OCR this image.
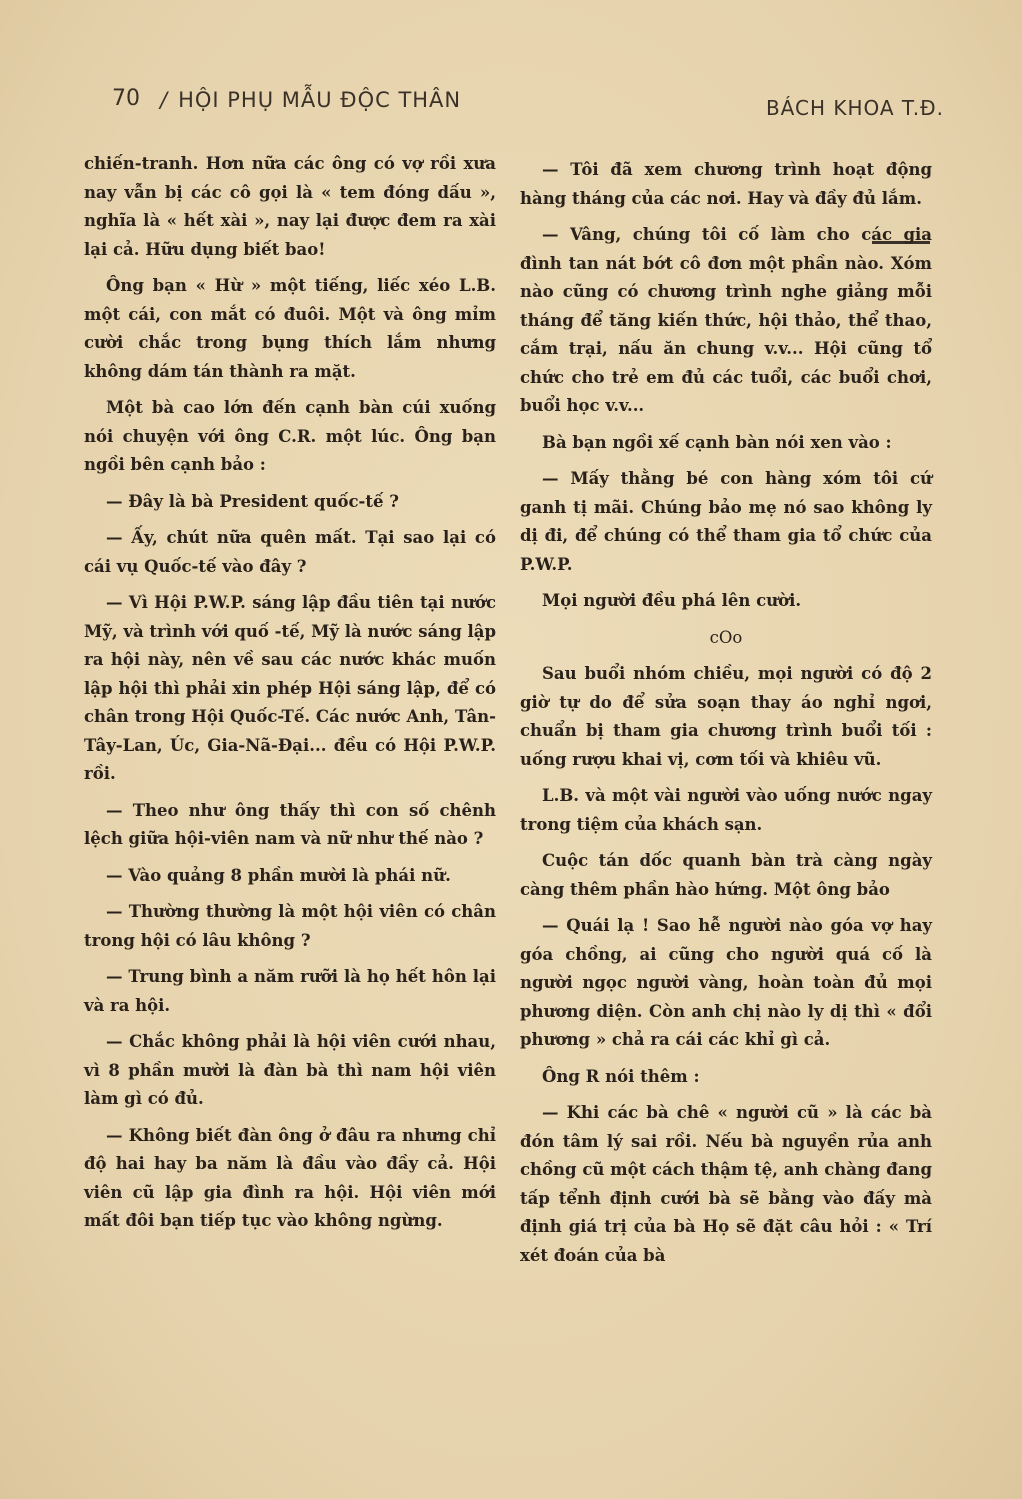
70 / HỘI PHỤ MẪU ĐỘC THÂN	BÁCH KHOA T.Đ.

chiến-tranh. Hơn nữa các ông có vợ rồi xưa nay vẫn bị các cô gọi là « tem đóng dấu », nghĩa là « hết xài », nay lại được đem ra xài lại cả. Hữu dụng biết bao!

Ông bạn « Hừ » một tiếng, liếc xéo L.B. một cái, con mắt có đuôi. Một và ông mỉm cười chắc trong bụng thích lắm nhưng không dám tán thành ra mặt.

Một bà cao lớn đến cạnh bàn cúi xuống nói chuyện với ông C.R. một lúc. Ông bạn ngồi bên cạnh bảo :

— Đây là bà President quốc-tế ?

— Ấy, chút nữa quên mất. Tại sao lại có cái vụ Quốc-tế vào đây ?

— Vì Hội P.W.P. sáng lập đầu tiên tại nước Mỹ, và trình với quố -tế, Mỹ là nước sáng lập ra hội này, nên về sau các nước khác muốn lập hội thì phải xin phép Hội sáng lập, để có chân trong Hội Quốc-Tế. Các nước Anh, Tân-Tây-Lan, Úc, Gia-Nã-Đại... đều có Hội P.W.P. rồi.

— Theo như ông thấy thì con số chênh lệch giữa hội-viên nam và nữ như thế nào ?

— Vào quảng 8 phần mười là phái nữ.

— Thường thường là một hội viên có chân trong hội có lâu không ?

— Trung bình a năm rưỡi là họ hết hôn lại và ra hội.

— Chắc không phải là hội viên cưới nhau, vì 8 phần mười là đàn bà thì nam hội viên làm gì có đủ.

— Không biết đàn ông ở đâu ra nhưng chỉ độ hai hay ba năm là đầu vào đầy cả. Hội viên cũ lập gia đình ra hội. Hội viên mới mất đôi bạn tiếp tục vào không ngừng.

— Tôi đã xem chương trình hoạt động hàng tháng của các nơi. Hay và đầy đủ lắm.

— Vâng, chúng tôi cố làm cho các gia đình tan nát bớt cô đơn một phần nào. Xóm nào cũng có chương trình nghe giảng mỗi tháng để tăng kiến thức, hội thảo, thể thao, cắm trại, nấu ăn chung v.v... Hội cũng tổ chức cho trẻ em đủ các tuổi, các buổi chơi, buổi học v.v...

Bà bạn ngồi xế cạnh bàn nói xen vào :

— Mấy thằng bé con hàng xóm tôi cứ ganh tị mãi. Chúng bảo mẹ nó sao không ly dị đi, để chúng có thể tham gia tổ chức của P.W.P.

Mọi người đều phá lên cười.

cOo

Sau buổi nhóm chiều, mọi người có độ 2 giờ tự do để sửa soạn thay áo nghỉ ngơi, chuẩn bị tham gia chương trình buổi tối : uống rượu khai vị, cơm tối và khiêu vũ.

L.B. và một vài người vào uống nước ngay trong tiệm của khách sạn.

Cuộc tán dốc quanh bàn trà càng ngày càng thêm phần hào hứng. Một ông bảo

— Quái lạ ! Sao hễ người nào góa vợ hay góa chồng, ai cũng cho người quá cố là người ngọc người vàng, hoàn toàn đủ mọi phương diện. Còn anh chị nào ly dị thì « đổi phương » chả ra cái các khỉ gì cả.

Ông R nói thêm :

— Khi các bà chê « người cũ » là các bà đón tâm lý sai rồi. Nếu bà nguyền rủa anh chồng cũ một cách thậm tệ, anh chàng đang tấp tểnh định cưới bà sẽ bằng vào đấy mà định giá trị của bà Họ sẽ đặt câu hỏi : « Trí xét đoán của bà
